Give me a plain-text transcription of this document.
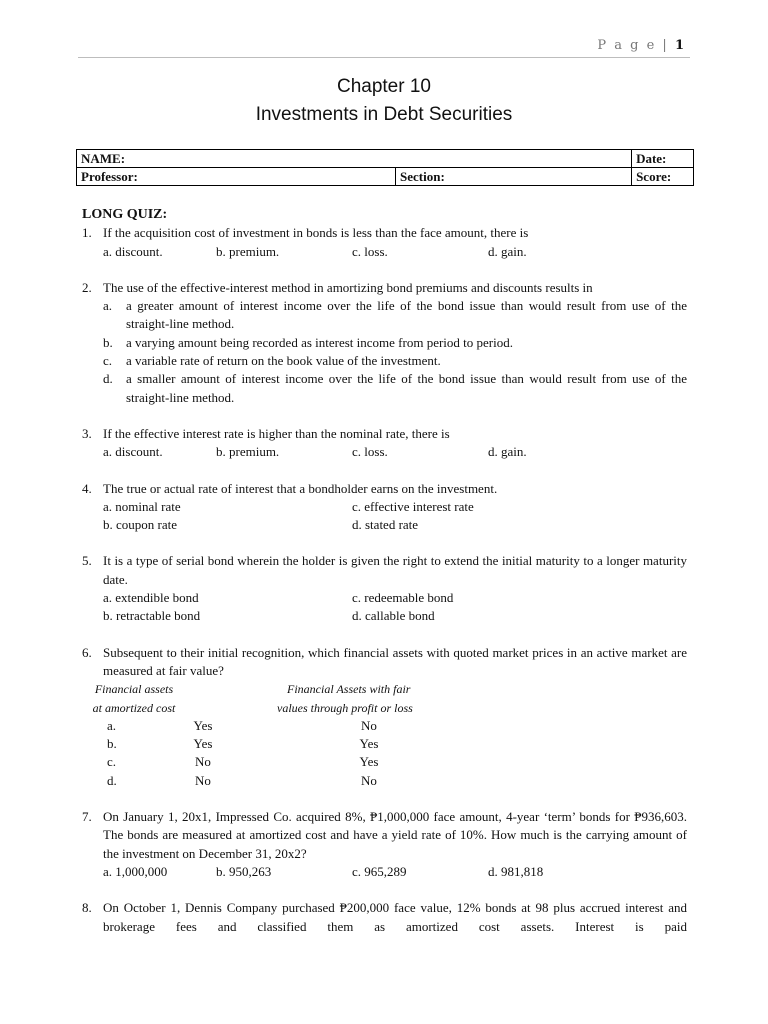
P a g e | 1
Chapter 10
Investments in Debt Securities
NAME:		Date:
Professor:	Section:	Score:
LONG QUIZ:
1. If the acquisition cost of investment in bonds is less than the face amount, there is
a. discount.	b. premium.	c. loss.	d. gain.
2. The use of the effective-interest method in amortizing bond premiums and discounts results in
a. a greater amount of interest income over the life of the bond issue than would result from use of the straight-line method.
b. a varying amount being recorded as interest income from period to period.
c. a variable rate of return on the book value of the investment.
d. a smaller amount of interest income over the life of the bond issue than would result from use of the straight-line method.
3. If the effective interest rate is higher than the nominal rate, there is
a. discount.	b. premium.	c. loss.	d. gain.
4. The true or actual rate of interest that a bondholder earns on the investment.
a. nominal rate	c. effective interest rate
b. coupon rate	d. stated rate
5. It is a type of serial bond wherein the holder is given the right to extend the initial maturity to a longer maturity date.
a. extendible bond	c. redeemable bond
b. retractable bond	d. callable bond
6. Subsequent to their initial recognition, which financial assets with quoted market prices in an active market are measured at fair value?
Financial assets	Financial Assets with fair
at amortized cost	values through profit or loss
a.	Yes	No
b.	Yes	Yes
c.	No	Yes
d.	No	No
7. On January 1, 20x1, Impressed Co. acquired 8%, ₱1,000,000 face amount, 4-year ‘term’ bonds for ₱936,603. The bonds are measured at amortized cost and have a yield rate of 10%. How much is the carrying amount of the investment on December 31, 20x2?
a. 1,000,000	b. 950,263	c. 965,289	d. 981,818
8. On October 1, Dennis Company purchased ₱200,000 face value, 12% bonds at 98 plus accrued interest and brokerage fees and classified them as amortized cost assets. Interest is paid
